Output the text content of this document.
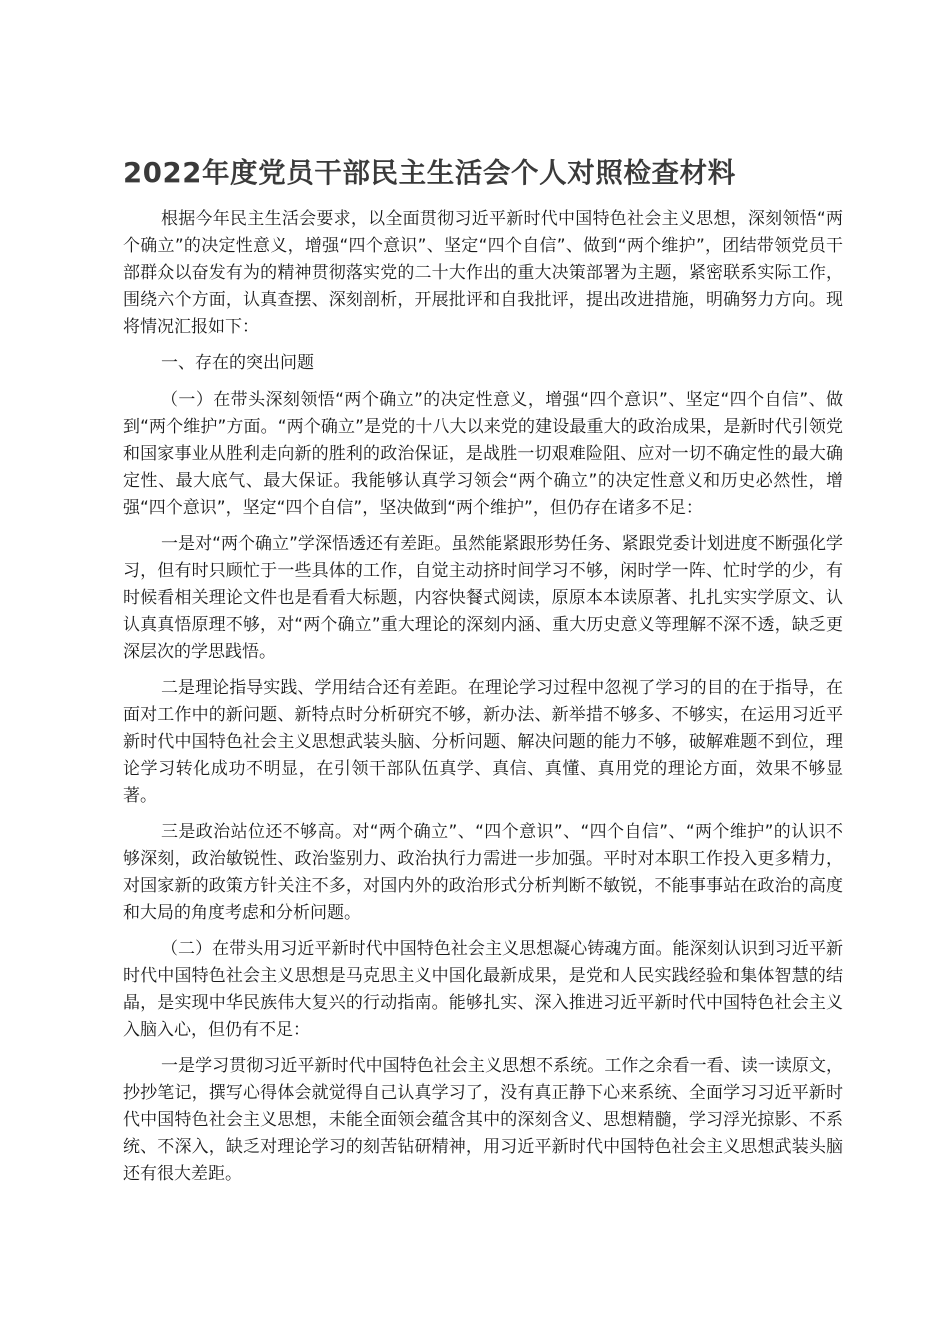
2022年度党员干部民主生活会个人对照检查材料

根据今年民主生活会要求，以全面贯彻习近平新时代中国特色社会主义思想，深刻领悟“两个确立”的决定性意义，增强“四个意识”、坚定“四个自信”、做到“两个维护”，团结带领党员干部群众以奋发有为的精神贯彻落实党的二十大作出的重大决策部署为主题，紧密联系实际工作，围绕六个方面，认真查摆、深刻剖析，开展批评和自我批评，提出改进措施，明确努力方向。现将情况汇报如下：

一、存在的突出问题

（一）在带头深刻领悟“两个确立”的决定性意义，增强“四个意识”、坚定“四个自信”、做到“两个维护”方面。“两个确立”是党的十八大以来党的建设最重大的政治成果，是新时代引领党和国家事业从胜利走向新的胜利的政治保证，是战胜一切艰难险阻、应对一切不确定性的最大确定性、最大底气、最大保证。我能够认真学习领会“两个确立”的决定性意义和历史必然性，增强“四个意识”，坚定“四个自信”，坚决做到“两个维护”，但仍存在诸多不足：

一是对“两个确立”学深悟透还有差距。虽然能紧跟形势任务、紧跟党委计划进度不断强化学习，但有时只顾忙于一些具体的工作，自觉主动挤时间学习不够，闲时学一阵、忙时学的少，有时候看相关理论文件也是看看大标题，内容快餐式阅读，原原本本读原著、扎扎实实学原文、认认真真悟原理不够，对“两个确立”重大理论的深刻内涵、重大历史意义等理解不深不透，缺乏更深层次的学思践悟。

二是理论指导实践、学用结合还有差距。在理论学习过程中忽视了学习的目的在于指导，在面对工作中的新问题、新特点时分析研究不够，新办法、新举措不够多、不够实，在运用习近平新时代中国特色社会主义思想武装头脑、分析问题、解决问题的能力不够，破解难题不到位，理论学习转化成功不明显，在引领干部队伍真学、真信、真懂、真用党的理论方面，效果不够显著。

三是政治站位还不够高。对“两个确立”、“四个意识”、“四个自信”、“两个维护”的认识不够深刻，政治敏锐性、政治鉴别力、政治执行力需进一步加强。平时对本职工作投入更多精力，对国家新的政策方针关注不多，对国内外的政治形式分析判断不敏锐，不能事事站在政治的高度和大局的角度考虑和分析问题。

（二）在带头用习近平新时代中国特色社会主义思想凝心铸魂方面。能深刻认识到习近平新时代中国特色社会主义思想是马克思主义中国化最新成果，是党和人民实践经验和集体智慧的结晶，是实现中华民族伟大复兴的行动指南。能够扎实、深入推进习近平新时代中国特色社会主义入脑入心，但仍有不足：

一是学习贯彻习近平新时代中国特色社会主义思想不系统。工作之余看一看、读一读原文，抄抄笔记，撰写心得体会就觉得自己认真学习了，没有真正静下心来系统、全面学习习近平新时代中国特色社会主义思想，未能全面领会蕴含其中的深刻含义、思想精髓，学习浮光掠影、不系统、不深入，缺乏对理论学习的刻苦钻研精神，用习近平新时代中国特色社会主义思想武装头脑还有很大差距。
